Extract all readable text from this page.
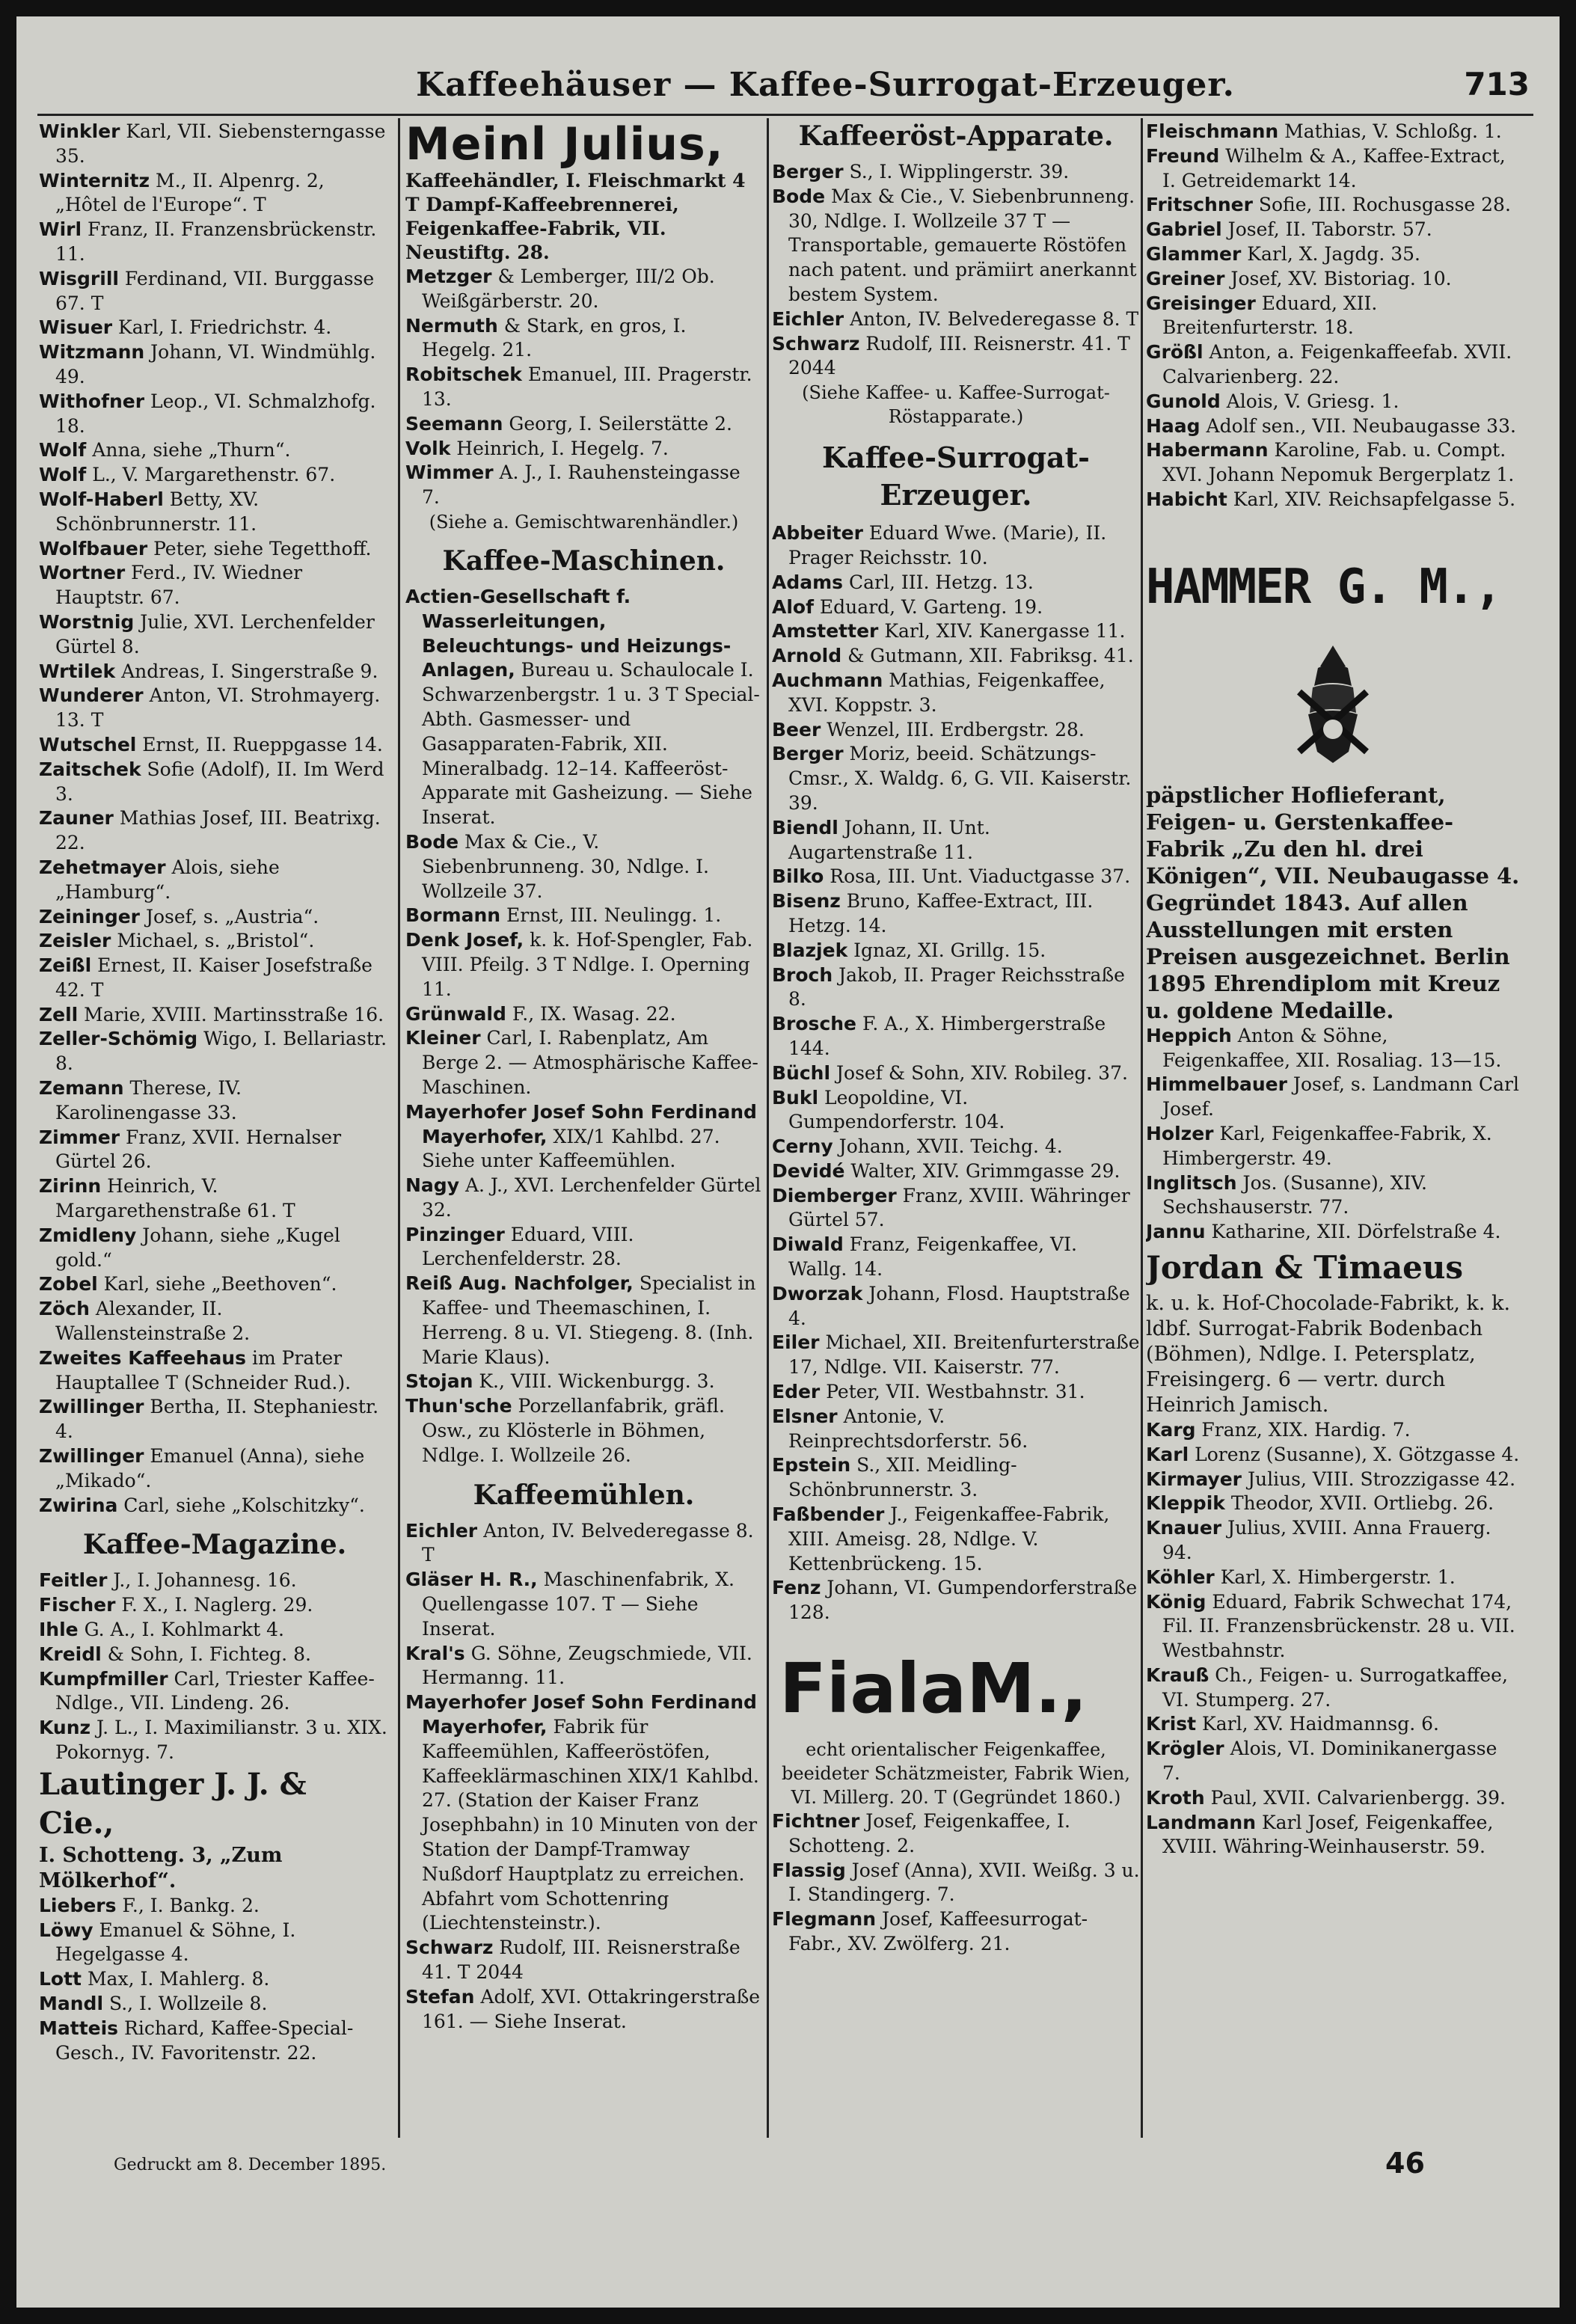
Kaffeehäuser — Kaffee-Surrogat-Erzeuger.	713

Winkler Karl, VII. Siebensterngasse 35.

Winternitz M., II. Alpenrg. 2, „Hôtel de l'Europe“. T

Wirl Franz, II. Franzensbrückenstr. 11.

Wisgrill Ferdinand, VII. Burggasse 67. T

Wisuer Karl, I. Friedrichstr. 4.

Witzmann Johann, VI. Windmühlg. 49.

Withofner Leop., VI. Schmalzhofg. 18.

Wolf Anna, siehe „Thurn“.

Wolf L., V. Margarethenstr. 67.

Wolf-Haberl Betty, XV. Schönbrunnerstr. 11.

Wolfbauer Peter, siehe Tegetthoff.

Wortner Ferd., IV. Wiedner Hauptstr. 67.

Worstnig Julie, XVI. Lerchenfelder Gürtel 8.

Wrtilek Andreas, I. Singerstraße 9.

Wunderer Anton, VI. Strohmayerg. 13. T

Wutschel Ernst, II. Rueppgasse 14.

Zaitschek Sofie (Adolf), II. Im Werd 3.

Zauner Mathias Josef, III. Beatrixg. 22.

Zehetmayer Alois, siehe „Hamburg“.

Zeininger Josef, s. „Austria“.

Zeisler Michael, s. „Bristol“.

Zeißl Ernest, II. Kaiser Josefstraße 42. T

Zell Marie, XVIII. Martinsstraße 16.

Zeller-Schömig Wigo, I. Bellariastr. 8.

Zemann Therese, IV. Karolinengasse 33.

Zimmer Franz, XVII. Hernalser Gürtel 26.

Zirinn Heinrich, V. Margarethenstraße 61. T

Zmidleny Johann, siehe „Kugel gold.“

Zobel Karl, siehe „Beethoven“.

Zöch Alexander, II. Wallensteinstraße 2.

Zweites Kaffeehaus im Prater Hauptallee T (Schneider Rud.).

Zwillinger Bertha, II. Stephaniestr. 4.

Zwillinger Emanuel (Anna), siehe „Mikado“.

Zwirina Carl, siehe „Kolschitzky“.

Kaffee-Magazine.

Feitler J., I. Johannesg. 16.

Fischer F. X., I. Naglerg. 29.

Ihle G. A., I. Kohlmarkt 4.

Kreidl & Sohn, I. Fichteg. 8.

Kumpfmiller Carl, Triester Kaffee-Ndlge., VII. Lindeng. 26.

Kunz J. L., I. Maximilianstr. 3 u. XIX. Pokornyg. 7.

Lautinger J. J. & Cie.,
I. Schotteng. 3, „Zum Mölkerhof“.

Liebers F., I. Bankg. 2.

Löwy Emanuel & Söhne, I. Hegelgasse 4.

Lott Max, I. Mahlerg. 8.

Mandl S., I. Wollzeile 8.

Matteis Richard, Kaffee-Special-Gesch., IV. Favoritenstr. 22.

Meinl Julius,
Kaffeehändler, I. Fleischmarkt 4 T Dampf-Kaffeebrennerei, Feigenkaffee-Fabrik, VII. Neustiftg. 28.

Metzger & Lemberger, III/2 Ob. Weißgärberstr. 20.

Nermuth & Stark, en gros, I. Hegelg. 21.

Robitschek Emanuel, III. Pragerstr. 13.

Seemann Georg, I. Seilerstätte 2.

Volk Heinrich, I. Hegelg. 7.

Wimmer A. J., I. Rauhensteingasse 7.

(Siehe a. Gemischtwarenhändler.)
Kaffee-Maschinen.

Actien-Gesellschaft f. Wasserleitungen, Beleuchtungs- und Heizungs-Anlagen, Bureau u. Schaulocale I. Schwarzenbergstr. 1 u. 3 T Special-Abth. Gasmesser- und Gasapparaten-Fabrik, XII. Mineralbadg. 12–14. Kaffeeröst-Apparate mit Gasheizung. — Siehe Inserat.

Bode Max & Cie., V. Siebenbrunneng. 30, Ndlge. I. Wollzeile 37.

Bormann Ernst, III. Neulingg. 1.

Denk Josef, k. k. Hof-Spengler, Fab. VIII. Pfeilg. 3 T Ndlge. I. Operning 11.

Grünwald F., IX. Wasag. 22.

Kleiner Carl, I. Rabenplatz, Am Berge 2. — Atmosphärische Kaffee-Maschinen.

Mayerhofer Josef Sohn Ferdinand Mayerhofer, XIX/1 Kahlbd. 27. Siehe unter Kaffeemühlen.

Nagy A. J., XVI. Lerchenfelder Gürtel 32.

Pinzinger Eduard, VIII. Lerchenfelderstr. 28.

Reiß Aug. Nachfolger, Specialist in Kaffee- und Theemaschinen, I. Herreng. 8 u. VI. Stiegeng. 8. (Inh. Marie Klaus).

Stojan K., VIII. Wickenburgg. 3.

Thun'sche Porzellanfabrik, gräfl. Osw., zu Klösterle in Böhmen, Ndlge. I. Wollzeile 26.

Kaffeemühlen.

Eichler Anton, IV. Belvederegasse 8. T

Gläser H. R., Maschinenfabrik, X. Quellengasse 107. T — Siehe Inserat.

Kral's G. Söhne, Zeugschmiede, VII. Hermanng. 11.

Mayerhofer Josef Sohn Ferdinand Mayerhofer, Fabrik für Kaffeemühlen, Kaffeeröstöfen, Kaffeeklärmaschinen XIX/1 Kahlbd. 27. (Station der Kaiser Franz Josephbahn) in 10 Minuten von der Station der Dampf-Tramway Nußdorf Hauptplatz zu erreichen. Abfahrt vom Schottenring (Liechtensteinstr.).

Schwarz Rudolf, III. Reisnerstraße 41. T 2044

Stefan Adolf, XVI. Ottakringerstraße 161. — Siehe Inserat.

Kaffeeröst-Apparate.

Berger S., I. Wipplingerstr. 39.

Bode Max & Cie., V. Siebenbrunneng. 30, Ndlge. I. Wollzeile 37 T — Transportable, gemauerte Röstöfen nach patent. und prämiirt anerkannt bestem System.

Eichler Anton, IV. Belvederegasse 8. T

Schwarz Rudolf, III. Reisnerstr. 41. T 2044

(Siehe Kaffee- u. Kaffee-Surrogat-Röstapparate.)
Kaffee-Surrogat-Erzeuger.

Abbeiter Eduard Wwe. (Marie), II. Prager Reichsstr. 10.

Adams Carl, III. Hetzg. 13.

Alof Eduard, V. Garteng. 19.

Amstetter Karl, XIV. Kanergasse 11.

Arnold & Gutmann, XII. Fabriksg. 41.

Auchmann Mathias, Feigenkaffee, XVI. Koppstr. 3.

Beer Wenzel, III. Erdbergstr. 28.

Berger Moriz, beeid. Schätzungs-Cmsr., X. Waldg. 6, G. VII. Kaiserstr. 39.

Biendl Johann, II. Unt. Augartenstraße 11.

Bilko Rosa, III. Unt. Viaductgasse 37.

Bisenz Bruno, Kaffee-Extract, III. Hetzg. 14.

Blazjek Ignaz, XI. Grillg. 15.

Broch Jakob, II. Prager Reichsstraße 8.

Brosche F. A., X. Himbergerstraße 144.

Büchl Josef & Sohn, XIV. Robileg. 37.

Bukl Leopoldine, VI. Gumpendorferstr. 104.

Cerny Johann, XVII. Teichg. 4.

Devidé Walter, XIV. Grimmgasse 29.

Diemberger Franz, XVIII. Währinger Gürtel 57.

Diwald Franz, Feigenkaffee, VI. Wallg. 14.

Dworzak Johann, Flosd. Hauptstraße 4.

Eiler Michael, XII. Breitenfurterstraße 17, Ndlge. VII. Kaiserstr. 77.

Eder Peter, VII. Westbahnstr. 31.

Elsner Antonie, V. Reinprechtsdorferstr. 56.

Epstein S., XII. Meidling-Schönbrunnerstr. 3.

Faßbender J., Feigenkaffee-Fabrik, XIII. Ameisg. 28, Ndlge. V. Kettenbrückeng. 15.

Fenz Johann, VI. Gumpendorferstraße 128.

FialaM.,
echt orientalischer Feigenkaffee, beeideter Schätzmeister, Fabrik Wien, VI. Millerg. 20. T (Gegründet 1860.)

Fichtner Josef, Feigenkaffee, I. Schotteng. 2.

Flassig Josef (Anna), XVII. Weißg. 3 u. I. Standingerg. 7.

Flegmann Josef, Kaffeesurrogat-Fabr., XV. Zwölferg. 21.

Fleischmann Mathias, V. Schloßg. 1.

Freund Wilhelm & A., Kaffee-Extract, I. Getreidemarkt 14.

Fritschner Sofie, III. Rochusgasse 28.

Gabriel Josef, II. Taborstr. 57.

Glammer Karl, X. Jagdg. 35.

Greiner Josef, XV. Bistoriag. 10.

Greisinger Eduard, XII. Breitenfurterstr. 18.

Größl Anton, a. Feigenkaffeefab. XVII. Calvarienberg. 22.

Gunold Alois, V. Griesg. 1.

Haag Adolf sen., VII. Neubaugasse 33.

Habermann Karoline, Fab. u. Compt. XVI. Johann Nepomuk Bergerplatz 1.

Habicht Karl, XIV. Reichsapfelgasse 5.

HAMMER G. M.,
päpstlicher Hoflieferant, Feigen- u. Gerstenkaffee-Fabrik „Zu den hl. drei Königen“, VII. Neubaugasse 4. Gegründet 1843. Auf allen Ausstellungen mit ersten Preisen ausgezeichnet. Berlin 1895 Ehrendiplom mit Kreuz u. goldene Medaille.

Heppich Anton & Söhne, Feigenkaffee, XII. Rosaliag. 13—15.

Himmelbauer Josef, s. Landmann Carl Josef.

Holzer Karl, Feigenkaffee-Fabrik, X. Himbergerstr. 49.

Inglitsch Jos. (Susanne), XIV. Sechshauserstr. 77.

Jannu Katharine, XII. Dörfelstraße 4.

Jordan & Timaeus
k. u. k. Hof-Chocolade-Fabrikt, k. k. ldbf. Surrogat-Fabrik Bodenbach (Böhmen), Ndlge. I. Petersplatz, Freisingerg. 6 — vertr. durch Heinrich Jamisch.

Karg Franz, XIX. Hardig. 7.

Karl Lorenz (Susanne), X. Götzgasse 4.

Kirmayer Julius, VIII. Strozzigasse 42.

Kleppik Theodor, XVII. Ortliebg. 26.

Knauer Julius, XVIII. Anna Frauerg. 94.

Köhler Karl, X. Himbergerstr. 1.

König Eduard, Fabrik Schwechat 174, Fil. II. Franzensbrückenstr. 28 u. VII. Westbahnstr.

Krauß Ch., Feigen- u. Surrogatkaffee, VI. Stumperg. 27.

Krist Karl, XV. Haidmannsg. 6.

Krögler Alois, VI. Dominikanergasse 7.

Kroth Paul, XVII. Calvarienbergg. 39.

Landmann Karl Josef, Feigenkaffee, XVIII. Währing-Weinhauserstr. 59.

Gedruckt am 8. December 1895.	46
